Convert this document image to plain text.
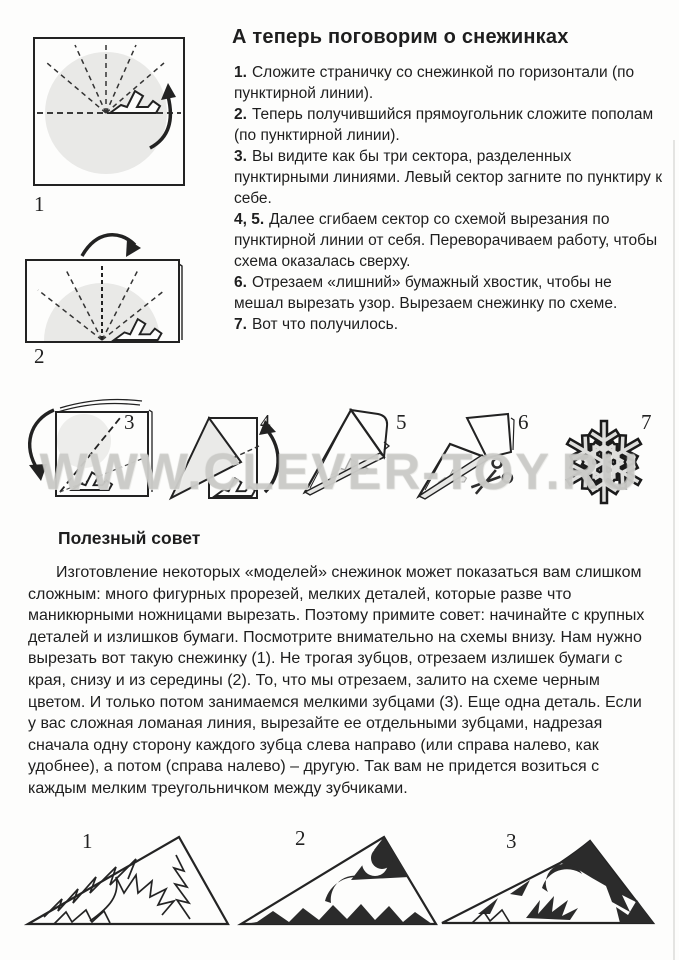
1
2
А теперь поговорим о снежинках

1. Сложите страничку со снежинкой по горизонтали (по пунктирной линии).

2. Теперь получившийся прямоугольник сложите пополам (по пунктирной линии).

3. Вы видите как бы три сектора, разделенных пунктирными линиями. Левый сектор загните по пунктиру к себе.

4, 5. Далее сгибаем сектор со схемой вырезания по пунктирной линии от себя. Переворачиваем работу, чтобы схема оказалась сверху.

6. Отрезаем «лишний» бумажный хвостик, чтобы не мешал вырезать узор. Вырезаем снежинку по схеме.

7. Вот что получилось.

3	4	5	6	7
WWW.CLEVER-TOY.RU
Полезный совет
Изготовление некоторых «моделей» снежинок может показаться вам слишком сложным: много фигурных прорезей, мелких деталей, которые разве что маникюрными ножницами вырезать. Поэтому примите совет: начинайте с крупных деталей и излишков бумаги. Посмотрите внимательно на схемы внизу. Нам нужно вырезать вот такую снежинку (1). Не трогая зубцов, отрезаем излишек бумаги с края, снизу и из середины (2). То, что мы отрезаем, залито на схеме черным цветом. И только потом занимаемся мелкими зубцами (3). Еще одна деталь. Если у вас сложная ломаная линия, вырезайте ее отдельными зубцами, надрезая сначала одну сторону каждого зубца слева направо (или справа налево, как удобнее), а потом (справа налево) – другую. Так вам не придется возиться с каждым мелким треугольничком между зубчиками.
1	2	3
